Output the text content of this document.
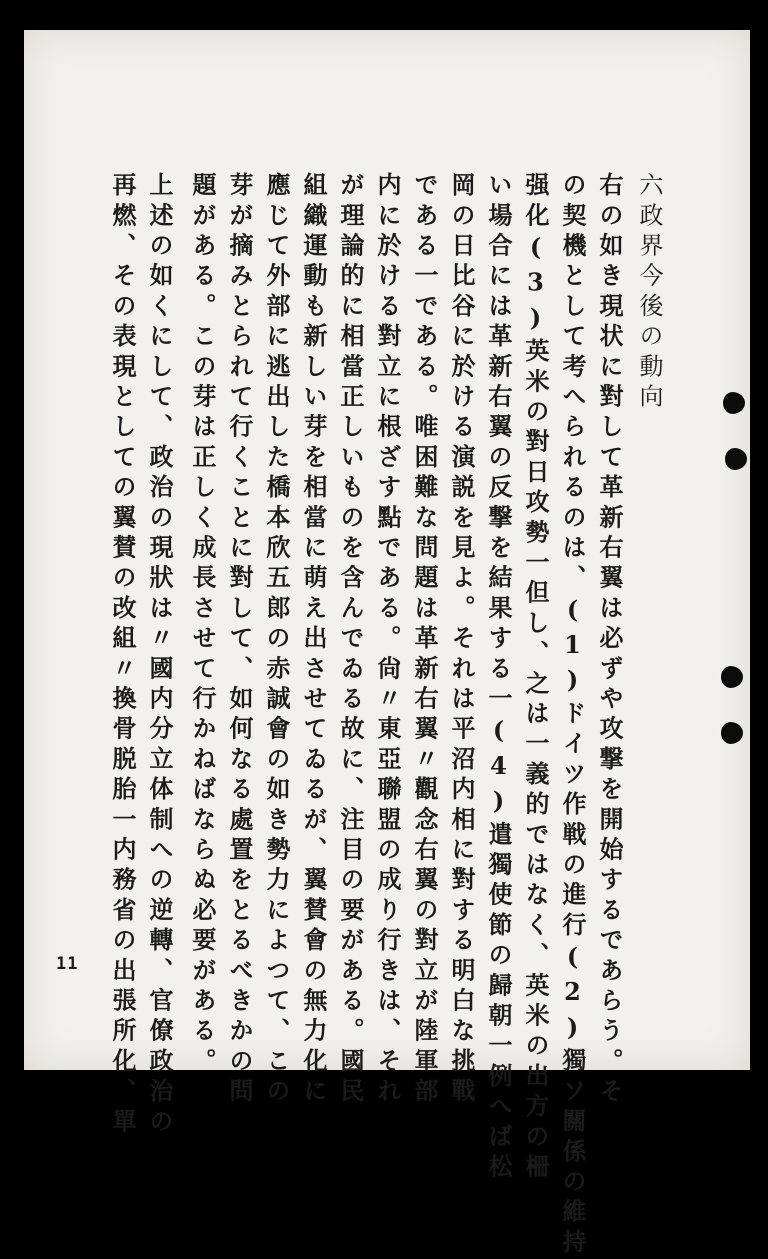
六政界今後の動向
右の如き現状に對して革新右翼は必ずや攻撃を開始するであらう。そ
の契機として考へられるのは、(1)ドイツ作戦の進行(2)獨ソ關係の維持
强化(3)英米の對日攻勢一但し、之は一義的ではなく、英米の出方の柵
い場合には革新右翼の反撃を結果する一(4)遣獨使節の歸朝一例へば松
岡の日比谷に於ける演説を見よ。それは平沼内相に對する明白な挑戰
である一である。唯困難な問題は革新右翼〃觀念右翼の對立が陸軍部
内に於ける對立に根ざす點である。尙〃東亞聯盟の成り行きは、それ
が理論的に相當正しいものを含んでゐる故に、注目の要がある。國民
組織運動も新しい芽を相當に萌え出させてゐるが、翼賛會の無力化に
應じて外部に逃出した橋本欣五郎の赤誠會の如き勢力によつて、この
芽が摘みとられて行くことに對して、如何なる處置をとるべきかの問
題がある。この芽は正しく成長させて行かねばならぬ必要がある。
上述の如くにして、政治の現狀は〃國内分立体制への逆轉、官僚政治の
再燃、その表現としての翼賛の改組〃換骨脱胎一内務省の出張所化、單
11
